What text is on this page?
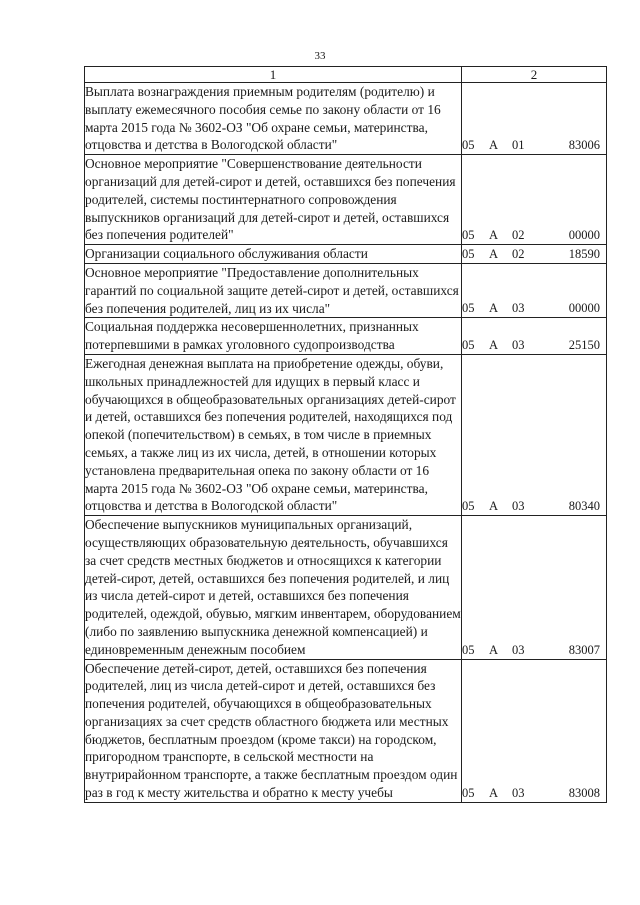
33
1	2

Выплата вознаграждения приемным родителям (родителю) и выплату ежемесячного пособия семье по закону области от 16 марта 2015 года № 3602-ОЗ "Об охране семьи, материнства, отцовства и детства в Вологодской области"	05 А 01 83006

Основное мероприятие "Совершенствование деятельности организаций для детей-сирот и детей, оставшихся без попечения родителей, системы постинтернатного сопровождения выпускников организаций для детей-сирот и детей, оставшихся без попечения родителей"	05 А 02 00000

Организации социального обслуживания области	05 А 02 18590

Основное мероприятие "Предоставление дополнительных гарантий по социальной защите детей-сирот и детей, оставшихся без попечения родителей, лиц из их числа"	05 А 03 00000

Социальная поддержка несовершеннолетних, признанных потерпевшими в рамках уголовного судопроизводства	05 А 03 25150

Ежегодная денежная выплата на приобретение одежды, обуви, школьных принадлежностей для идущих в первый класс и обучающихся в общеобразовательных организациях детей-сирот и детей, оставшихся без попечения родителей, находящихся под опекой (попечительством) в семьях, в том числе в приемных семьях, а также лиц из их числа, детей, в отношении которых установлена предварительная опека по закону области от 16 марта 2015 года № 3602-ОЗ "Об охране семьи, материнства, отцовства и детства в Вологодской области"	05 А 03 80340

Обеспечение выпускников муниципальных организаций, осуществляющих образовательную деятельность, обучавшихся за счет средств местных бюджетов и относящихся к категории детей-сирот, детей, оставшихся без попечения родителей, и лиц из числа детей-сирот и детей, оставшихся без попечения родителей, одеждой, обувью, мягким инвентарем, оборудованием (либо по заявлению выпускника денежной компенсацией) и единовременным денежным пособием	05 А 03 83007

Обеспечение детей-сирот, детей, оставшихся без попечения родителей, лиц из числа детей-сирот и детей, оставшихся без попечения родителей, обучающихся в общеобразовательных организациях за счет средств областного бюджета или местных бюджетов, бесплатным проездом (кроме такси) на городском, пригородном транспорте, в сельской местности на внутрирайонном транспорте, а также бесплатным проездом один раз в год к месту жительства и обратно к месту учебы	05 А 03 83008
